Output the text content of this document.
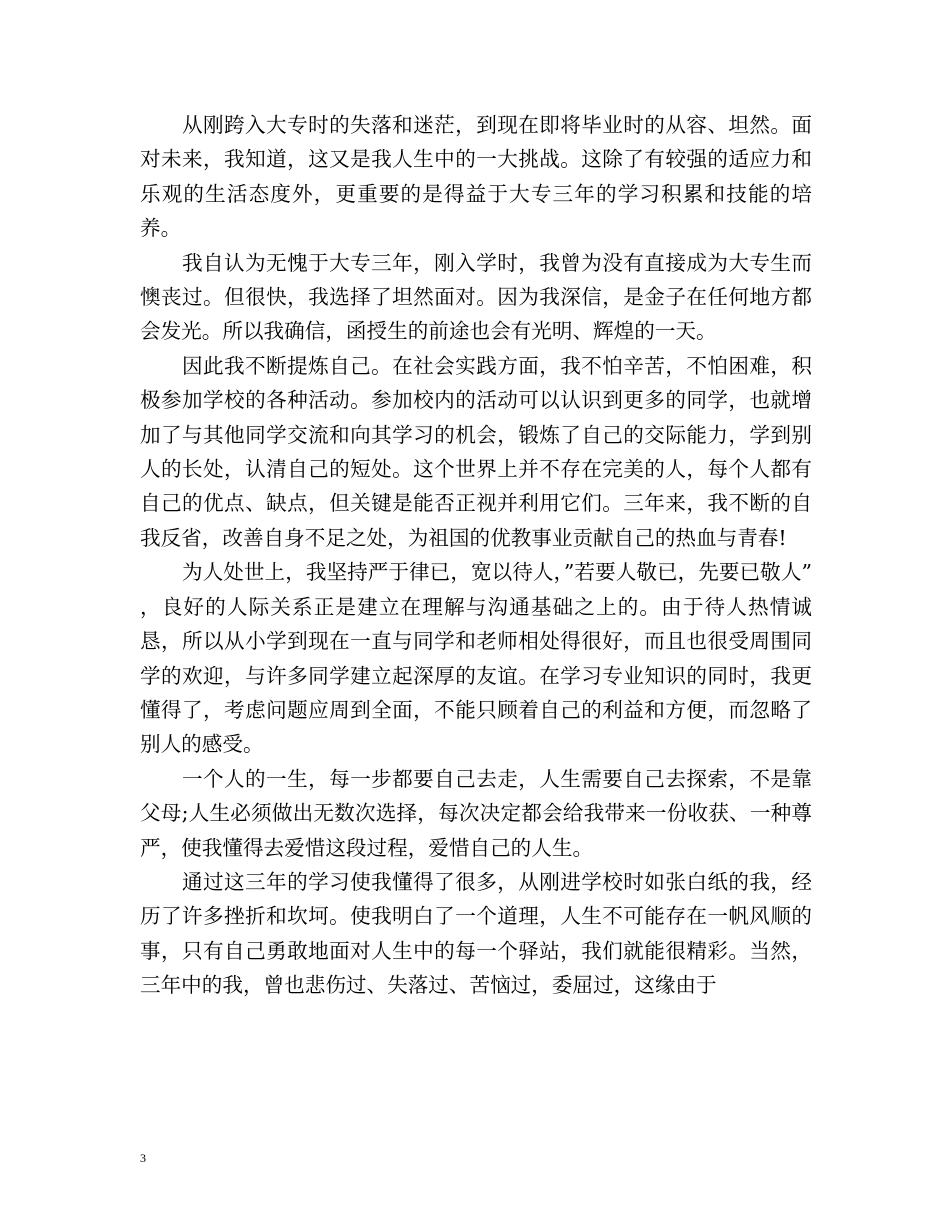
从刚跨入大专时的失落和迷茫，到现在即将毕业时的从容、坦然。面对未来，我知道，这又是我人生中的一大挑战。这除了有较强的适应力和乐观的生活态度外，更重要的是得益于大专三年的学习积累和技能的培养。

我自认为无愧于大专三年，刚入学时，我曾为没有直接成为大专生而懊丧过。但很快，我选择了坦然面对。因为我深信，是金子在任何地方都会发光。所以我确信，函授生的前途也会有光明、辉煌的一天。

因此我不断提炼自己。在社会实践方面，我不怕辛苦，不怕困难，积极参加学校的各种活动。参加校内的活动可以认识到更多的同学，也就增加了与其他同学交流和向其学习的机会，锻炼了自己的交际能力，学到别人的长处，认清自己的短处。这个世界上并不存在完美的人，每个人都有自己的优点、缺点，但关键是能否正视并利用它们。三年来，我不断的自我反省，改善自身不足之处，为祖国的优教事业贡献自己的热血与青春!

为人处世上，我坚持严于律已，宽以待人，”若要人敬已，先要已敬人” ，良好的人际关系正是建立在理解与沟通基础之上的。由于待人热情诚恳，所以从小学到现在一直与同学和老师相处得很好，而且也很受周围同学的欢迎，与许多同学建立起深厚的友谊。在学习专业知识的同时，我更懂得了，考虑问题应周到全面，不能只顾着自己的利益和方便，而忽略了别人的感受。

一个人的一生，每一步都要自己去走，人生需要自己去探索，不是靠父母;人生必须做出无数次选择，每次决定都会给我带来一份收获、一种尊严，使我懂得去爱惜这段过程，爱惜自己的人生。

通过这三年的学习使我懂得了很多，从刚进学校时如张白纸的我，经历了许多挫折和坎坷。使我明白了一个道理，人生不可能存在一帆风顺的事，只有自己勇敢地面对人生中的每一个驿站，我们就能很精彩。当然，三年中的我，曾也悲伤过、失落过、苦恼过，委屈过，这缘由于

3
